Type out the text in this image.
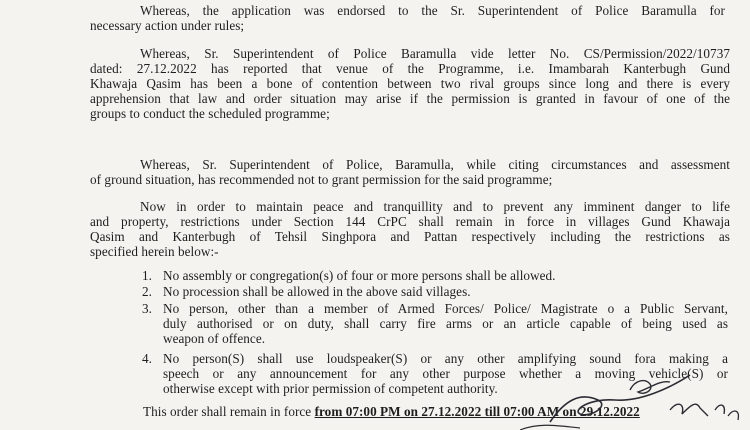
Whereas, the application was endorsed to the Sr. Superintendent of Police Baramulla for
necessary action under rules;
Whereas, Sr. Superintendent of Police Baramulla vide letter No. CS/Permission/2022/10737
dated: 27.12.2022 has reported that venue of the Programme, i.e. Imambarah Kanterbugh Gund
Khawaja Qasim has been a bone of contention between two rival groups since long and there is every
apprehension that law and order situation may arise if the permission is granted in favour of one of the
groups to conduct the scheduled programme;
Whereas, Sr. Superintendent of Police, Baramulla, while citing circumstances and assessment
of ground situation, has recommended not to grant permission for the said programme;
Now in order to maintain peace and tranquillity and to prevent any imminent danger to life
and property, restrictions under Section 144 CrPC shall remain in force in villages Gund Khawaja
Qasim and Kanterbugh of Tehsil Singhpora and Pattan respectively including the restrictions as
specified herein below:-
1. No assembly or congregation(s) of four or more persons shall be allowed.
2. No procession shall be allowed in the above said villages.
3. No person, other than a member of Armed Forces/ Police/ Magistrate o a Public Servant,
duly authorised or on duty, shall carry fire arms or an article capable of being used as
weapon of offence.
4. No person(S) shall use loudspeaker(S) or any other amplifying sound fora making a
speech or any announcement for any other purpose whether a moving vehicle(S) or
otherwise except with prior permission of competent authority.
This order shall remain in force from 07:00 PM on 27.12.2022 till 07:00 AM on 29.12.2022
